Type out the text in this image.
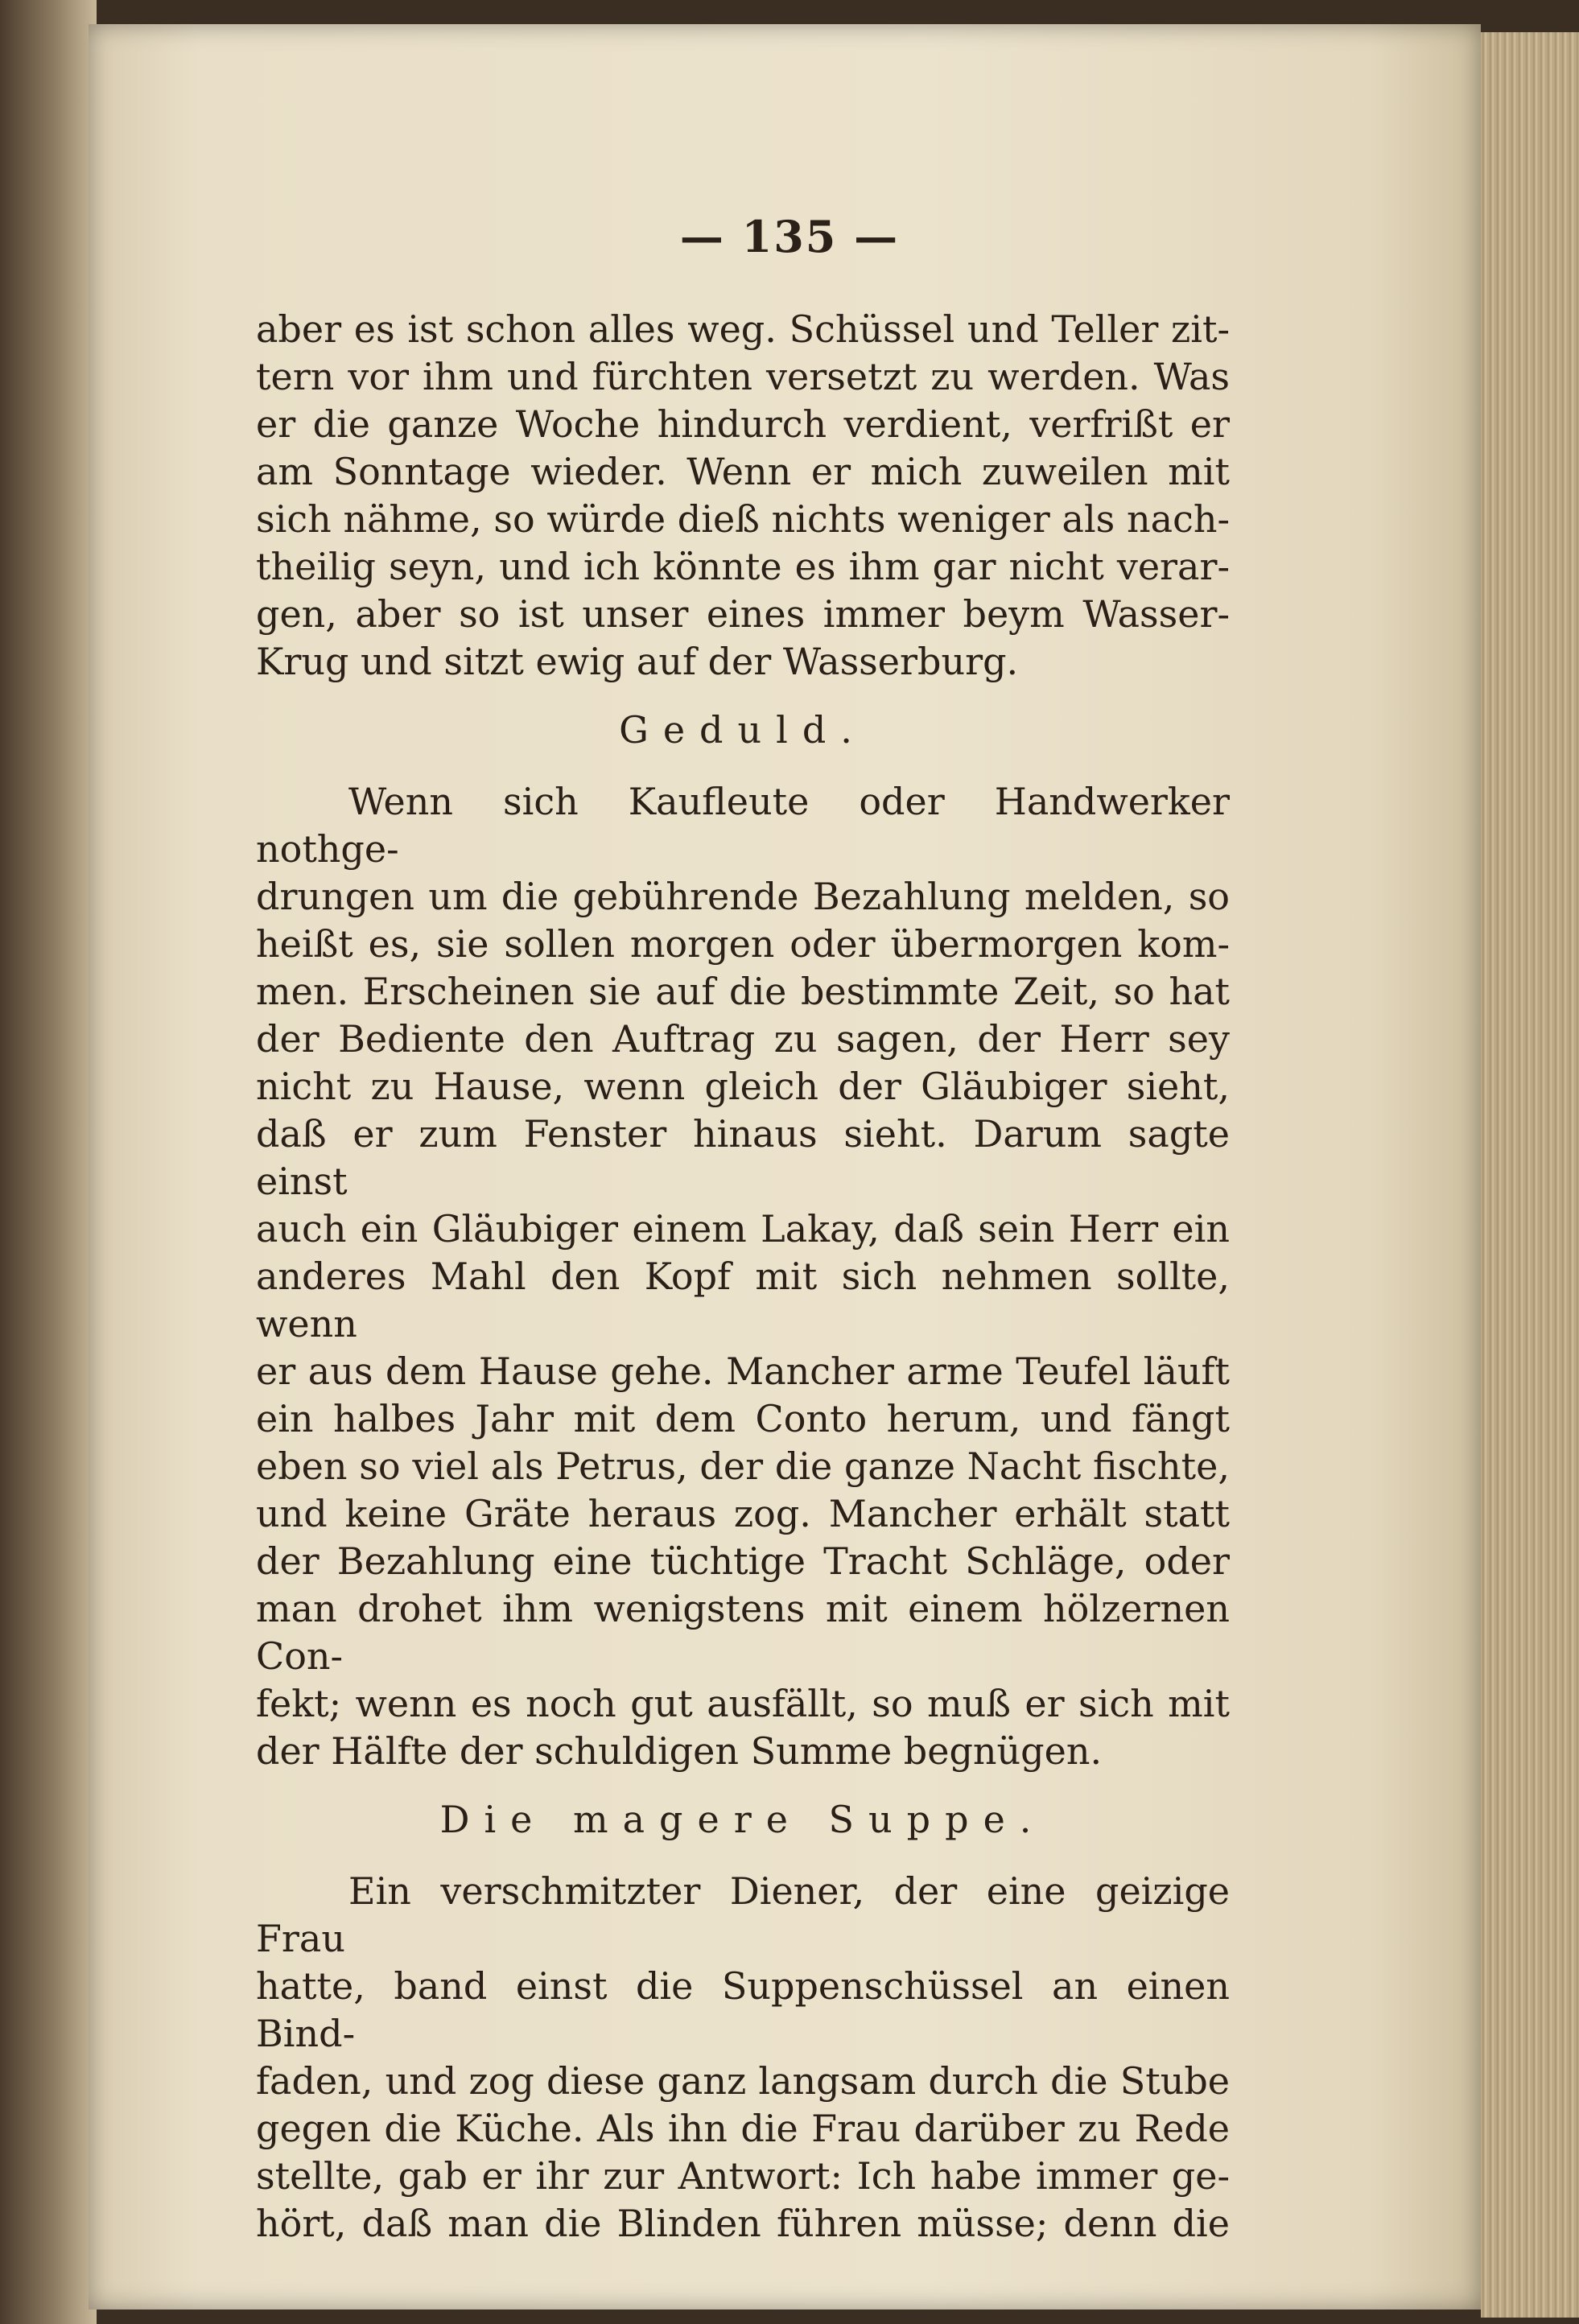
— 135 —

aber es ist schon alles weg. Schüssel und Teller zit-

tern vor ihm und fürchten versetzt zu werden. Was

er die ganze Woche hindurch verdient, verfrißt er

am Sonntage wieder. Wenn er mich zuweilen mit

sich nähme, so würde dieß nichts weniger als nach-

theilig seyn, und ich könnte es ihm gar nicht verar-

gen, aber so ist unser eines immer beym Wasser-

Krug und sitzt ewig auf der Wasserburg.

Geduld.

Wenn sich Kaufleute oder Handwerker nothge-

drungen um die gebührende Bezahlung melden, so

heißt es, sie sollen morgen oder übermorgen kom-

men. Erscheinen sie auf die bestimmte Zeit, so hat

der Bediente den Auftrag zu sagen, der Herr sey

nicht zu Hause, wenn gleich der Gläubiger sieht,

daß er zum Fenster hinaus sieht. Darum sagte einst

auch ein Gläubiger einem Lakay, daß sein Herr ein

anderes Mahl den Kopf mit sich nehmen sollte, wenn

er aus dem Hause gehe. Mancher arme Teufel läuft

ein halbes Jahr mit dem Conto herum, und fängt

eben so viel als Petrus, der die ganze Nacht fischte,

und keine Gräte heraus zog. Mancher erhält statt

der Bezahlung eine tüchtige Tracht Schläge, oder

man drohet ihm wenigstens mit einem hölzernen Con-

fekt; wenn es noch gut ausfällt, so muß er sich mit

der Hälfte der schuldigen Summe begnügen.

Die magere Suppe.

Ein verschmitzter Diener, der eine geizige Frau

hatte, band einst die Suppenschüssel an einen Bind-

faden, und zog diese ganz langsam durch die Stube

gegen die Küche. Als ihn die Frau darüber zu Rede

stellte, gab er ihr zur Antwort: Ich habe immer ge-

hört, daß man die Blinden führen müsse; denn die
